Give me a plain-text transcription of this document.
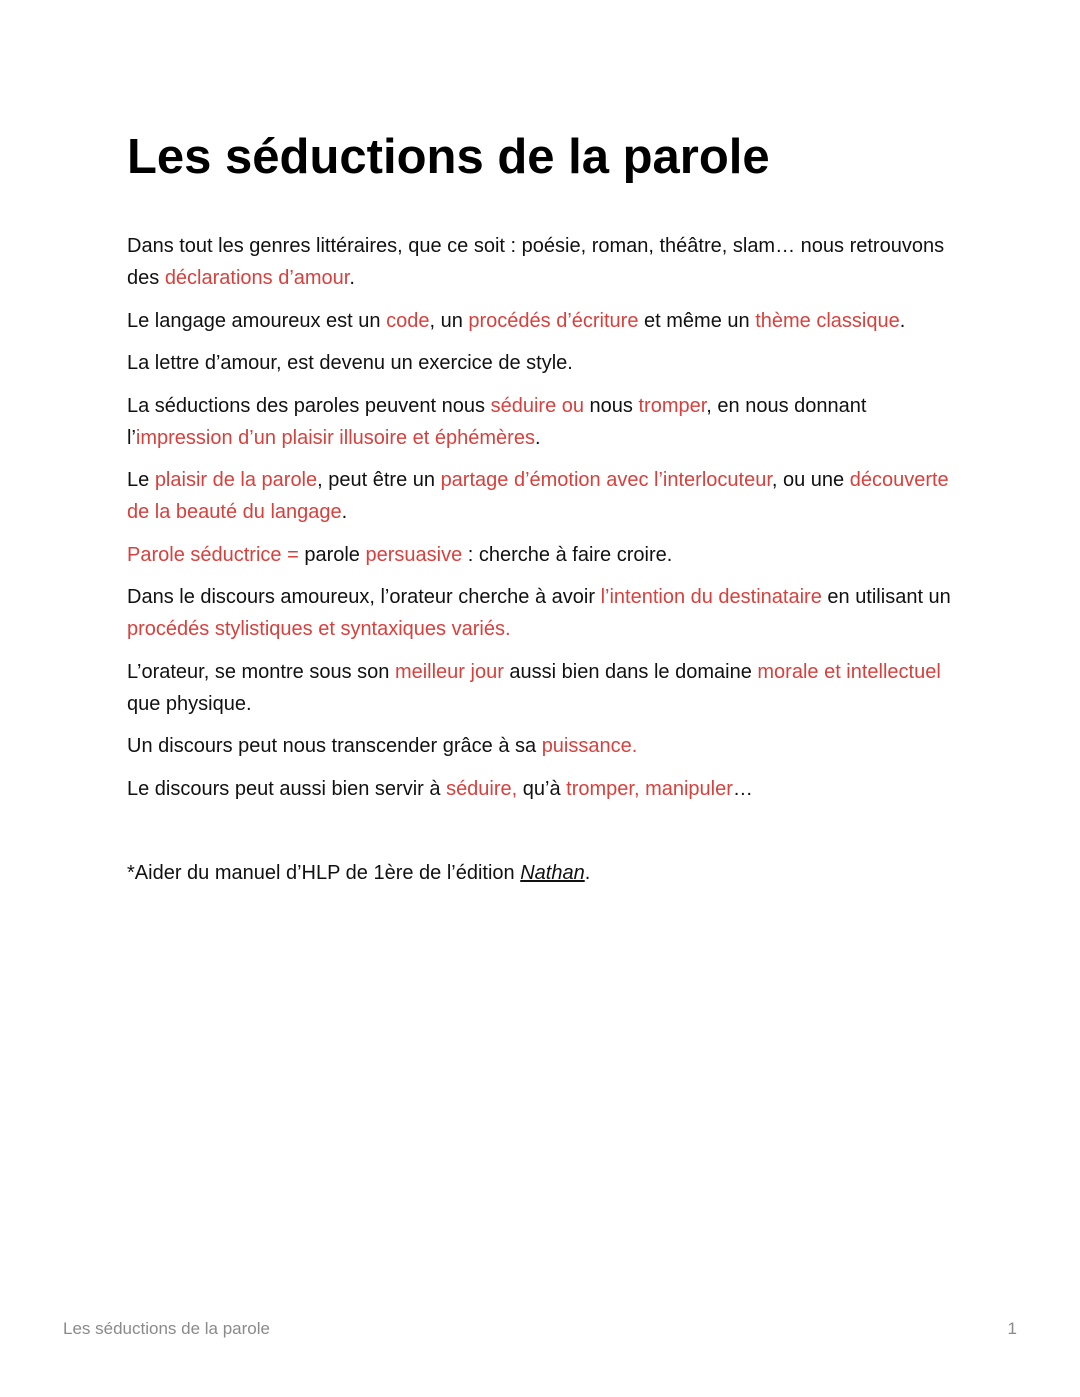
Les séductions de la parole

Dans tout les genres littéraires, que ce soit : poésie, roman, théâtre, slam… nous retrouvons des déclarations d’amour.

Le langage amoureux est un code, un procédés d’écriture et même un thème classique.

La lettre d’amour, est devenu un exercice de style.

La séductions des paroles peuvent nous séduire ou nous tromper, en nous donnant l’impression d’un plaisir illusoire et éphémères.

Le plaisir de la parole, peut être un partage d’émotion avec l’interlocuteur, ou une découverte de la beauté du langage.

Parole séductrice = parole persuasive : cherche à faire croire.

Dans le discours amoureux, l’orateur cherche à avoir l’intention du destinataire en utilisant un procédés stylistiques et syntaxiques variés.

L’orateur, se montre sous son meilleur jour aussi bien dans le domaine morale et intellectuel que physique.

Un discours peut nous transcender grâce à sa puissance.

Le discours peut aussi bien servir à séduire, qu’à tromper, manipuler…

*Aider du manuel d’HLP de 1ère de l’édition Nathan.

Les séductions de la parole	1
